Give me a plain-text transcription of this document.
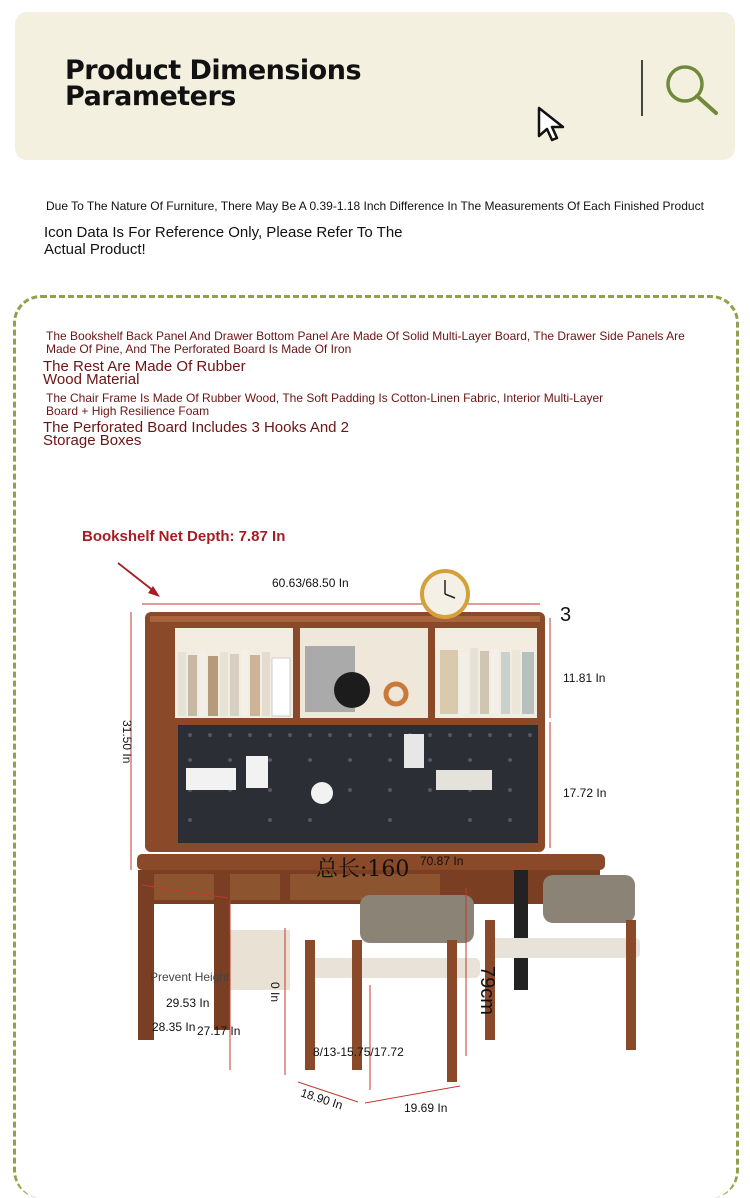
Product Dimensions Parameters
Due To The Nature Of Furniture, There May Be A 0.39-1.18 Inch Difference In The Measurements Of Each Finished Product
Icon Data Is For Reference Only, Please Refer To The Actual Product!
The Bookshelf Back Panel And Drawer Bottom Panel Are Made Of Solid Multi-Layer Board, The Drawer Side Panels Are Made Of Pine, And The Perforated Board Is Made Of Iron
The Rest Are Made Of Rubber Wood Material
The Chair Frame Is Made Of Rubber Wood, The Soft Padding Is Cotton-Linen Fabric, Interior Multi-Layer Board + High Resilience Foam
The Perforated Board Includes 3 Hooks And 2 Storage Boxes
Bookshelf Net Depth: 7.87 In
60.63/68.50 In
3
11.81 In
17.72 In
31.50 In
总长:160 70.87 In
79cm
Prevent Height
29.53 In
28.35 In 27.17 In
0 In
8/13-15.75/17.72
18.90 In	19.69 In
